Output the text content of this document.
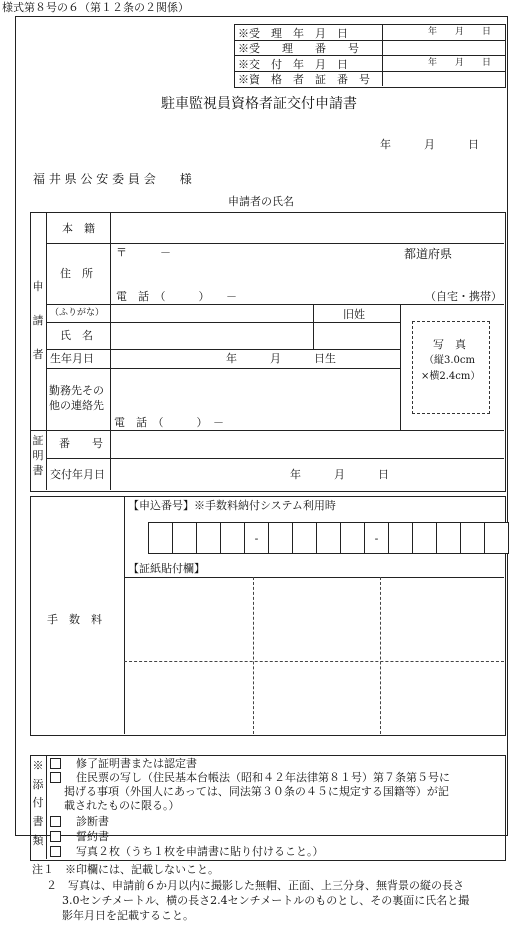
様式第８号の６（第１２条の２関係）
※受　理　年　月　日	年　　月　　日
※受　　理　　番　　号
※交　付　年　月　日	年　　月　　日
※資　格　者　証　番　号
駐車監視員資格者証交付申請書
年　　　月　　　日
福 井 県 公 安 委 員 会　　様
申請者の氏名
申請者
本　籍
住　所
〒　　　－	都道府県
電　話　（　　　）　　－	（自宅・携帯）
（ふりがな）	旧姓
氏　名
生年月日	年　　　月　　　日生
勤務先その他の連絡先
電　話　（　　　）　－
写　真
（縦3.0cm
×横2.4cm）
証明書
番　　号
交付年月日	年　　　月　　　日
手　数　料
【申込番号】※手数料納付システム利用時
-	-
【証紙貼付欄】
※添付書類
修了証明書または認定書
住民票の写し（住民基本台帳法（昭和４２年法律第８１号）第７条第５号に
掲げる事項（外国人にあっては、同法第３０条の４５に規定する国籍等）が記
載されたものに限る。）
診断書
誓約書
写真２枚（うち１枚を申請書に貼り付けること。）
注１　※印欄には、記載しないこと。
２　写真は、申請前６か月以内に撮影した無帽、正面、上三分身、無背景の縦の長さ
3.0センチメートル、横の長さ2.4センチメートルのものとし、その裏面に氏名と撮
影年月日を記載すること。
